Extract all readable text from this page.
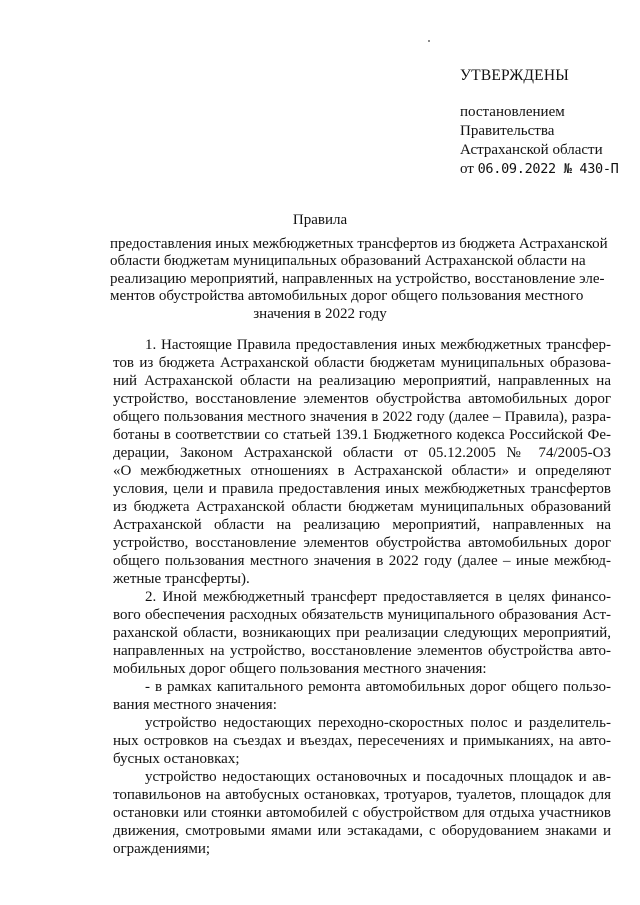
УТВЕРЖДЕНЫ
постановлением
Правительства
Астраханской области
от 06.09.2022 № 430-П
Правила
предоставления иных межбюджетных трансфертов из бюджета Астраханской
области бюджетам муниципальных образований Астраханской области на
реализацию мероприятий, направленных на устройство, восстановление эле-
ментов обустройства автомобильных дорог общего пользования местного
значения в 2022 году
1. Настоящие Правила предоставления иных межбюджетных трансфер-
тов из бюджета Астраханской области бюджетам муниципальных образова-
ний Астраханской области на реализацию мероприятий, направленных на
устройство, восстановление элементов обустройства автомобильных дорог
общего пользования местного значения в 2022 году (далее – Правила), разра-
ботаны в соответствии со статьей 139.1 Бюджетного кодекса Российской Фе-
дерации, Законом Астраханской области от 05.12.2005 № 74/2005-ОЗ
«О межбюджетных отношениях в Астраханской области» и определяют
условия, цели и правила предоставления иных межбюджетных трансфертов
из бюджета Астраханской области бюджетам муниципальных образований
Астраханской области на реализацию мероприятий, направленных на
устройство, восстановление элементов обустройства автомобильных дорог
общего пользования местного значения в 2022 году (далее – иные межбюд-
жетные трансферты).
2. Иной межбюджетный трансферт предоставляется в целях финансо-
вого обеспечения расходных обязательств муниципального образования Аст-
раханской области, возникающих при реализации следующих мероприятий,
направленных на устройство, восстановление элементов обустройства авто-
мобильных дорог общего пользования местного значения:
- в рамках капитального ремонта автомобильных дорог общего пользо-
вания местного значения:
устройство недостающих переходно-скоростных полос и разделитель-
ных островков на съездах и въездах, пересечениях и примыканиях, на авто-
бусных остановках;
устройство недостающих остановочных и посадочных площадок и ав-
топавильонов на автобусных остановках, тротуаров, туалетов, площадок для
остановки или стоянки автомобилей с обустройством для отдыха участников
движения, смотровыми ямами или эстакадами, с оборудованием знаками и
ограждениями;
